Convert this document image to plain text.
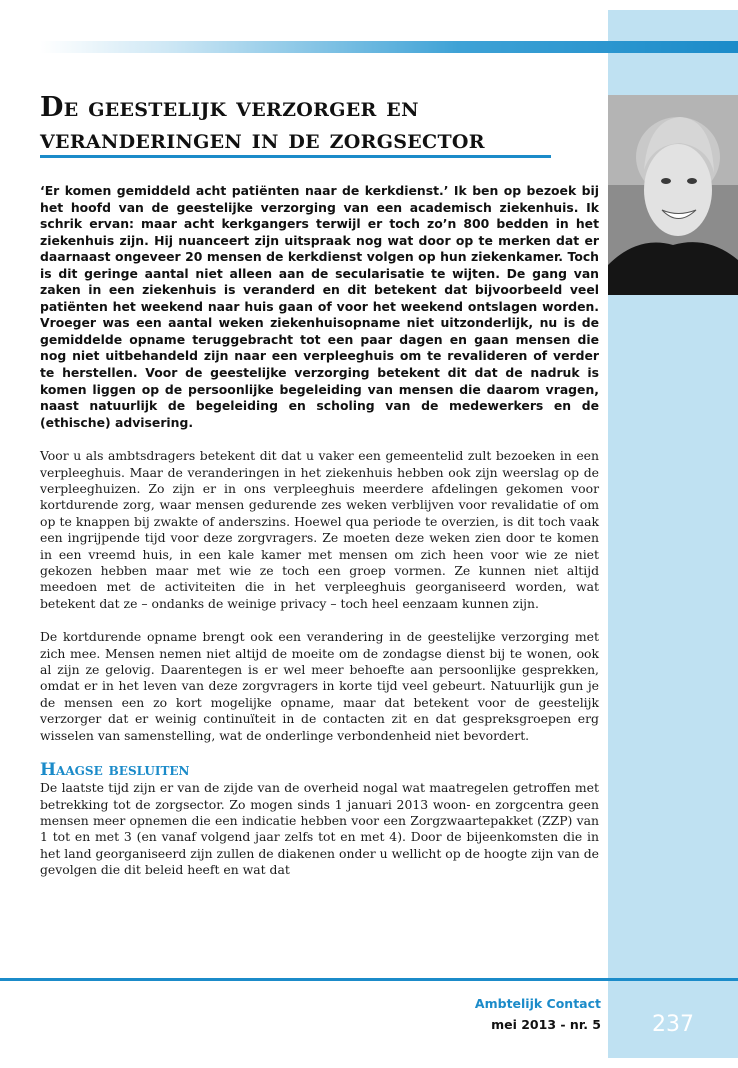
De geestelijk verzorger en veranderingen in de zorgsector

‘Er komen gemiddeld acht patiënten naar de kerkdienst.’ Ik ben op bezoek bij het hoofd van de geestelijke verzorging van een academisch ziekenhuis. Ik schrik ervan: maar acht kerkgangers terwijl er toch zo’n 800 bedden in het ziekenhuis zijn. Hij nuanceert zijn uitspraak nog wat door op te merken dat er daarnaast ongeveer 20 mensen de kerkdienst volgen op hun ziekenkamer. Toch is dit geringe aantal niet alleen aan de secularisatie te wijten. De gang van zaken in een ziekenhuis is veranderd en dit betekent dat bijvoorbeeld veel patiënten het weekend naar huis gaan of voor het weekend ontslagen worden. Vroeger was een aantal weken ziekenhuisopname niet uitzonderlijk, nu is de gemiddelde opname teruggebracht tot een paar dagen en gaan mensen die nog niet uitbehandeld zijn naar een verpleeghuis om te revalideren of verder te herstellen. Voor de geestelijke verzorging betekent dit dat de nadruk is komen liggen op de persoonlijke begeleiding van mensen die daarom vragen, naast natuurlijk de begeleiding en scholing van de medewerkers en de (ethische) advisering.

Voor u als ambtsdragers betekent dit dat u vaker een gemeentelid zult bezoeken in een verpleeghuis. Maar de veranderingen in het ziekenhuis hebben ook zijn weerslag op de verpleeghuizen. Zo zijn er in ons verpleeghuis meerdere afdelingen gekomen voor kortdurende zorg, waar mensen gedurende zes weken verblijven voor revalidatie of om op te knappen bij zwakte of anderszins. Hoewel qua periode te overzien, is dit toch vaak een ingrijpende tijd voor deze zorgvragers. Ze moeten deze weken zien door te komen in een vreemd huis, in een kale kamer met mensen om zich heen voor wie ze niet gekozen hebben maar met wie ze toch een groep vormen. Ze kunnen niet altijd meedoen met de activiteiten die in het verpleeghuis georganiseerd worden, wat betekent dat ze – ondanks de weinige privacy – toch heel eenzaam kunnen zijn.

De kortdurende opname brengt ook een verandering in de geestelijke verzorging met zich mee. Mensen nemen niet altijd de moeite om de zondagse dienst bij te wonen, ook al zijn ze gelovig. Daarentegen is er wel meer behoefte aan persoonlijke gesprekken, omdat er in het leven van deze zorgvragers in korte tijd veel gebeurt. Natuurlijk gun je de mensen een zo kort mogelijke opname, maar dat betekent voor de geestelijk verzorger dat er weinig continuïteit in de contacten zit en dat gespreksgroepen erg wisselen van samenstelling, wat de onderlinge verbondenheid niet bevordert.

Haagse besluiten

De laatste tijd zijn er van de zijde van de overheid nogal wat maatregelen getroffen met betrekking tot de zorgsector. Zo mogen sinds 1 januari 2013 woon- en zorgcentra geen mensen meer opnemen die een indicatie hebben voor een Zorgzwaartepakket (ZZP) van 1 tot en met 3 (en vanaf volgend jaar zelfs tot en met 4). Door de bijeenkomsten die in het land georganiseerd zijn zullen de diakenen onder u wellicht op de hoogte zijn van de gevolgen die dit beleid heeft en wat dat

Ambtelijk Contact

mei 2013 - nr. 5	237
